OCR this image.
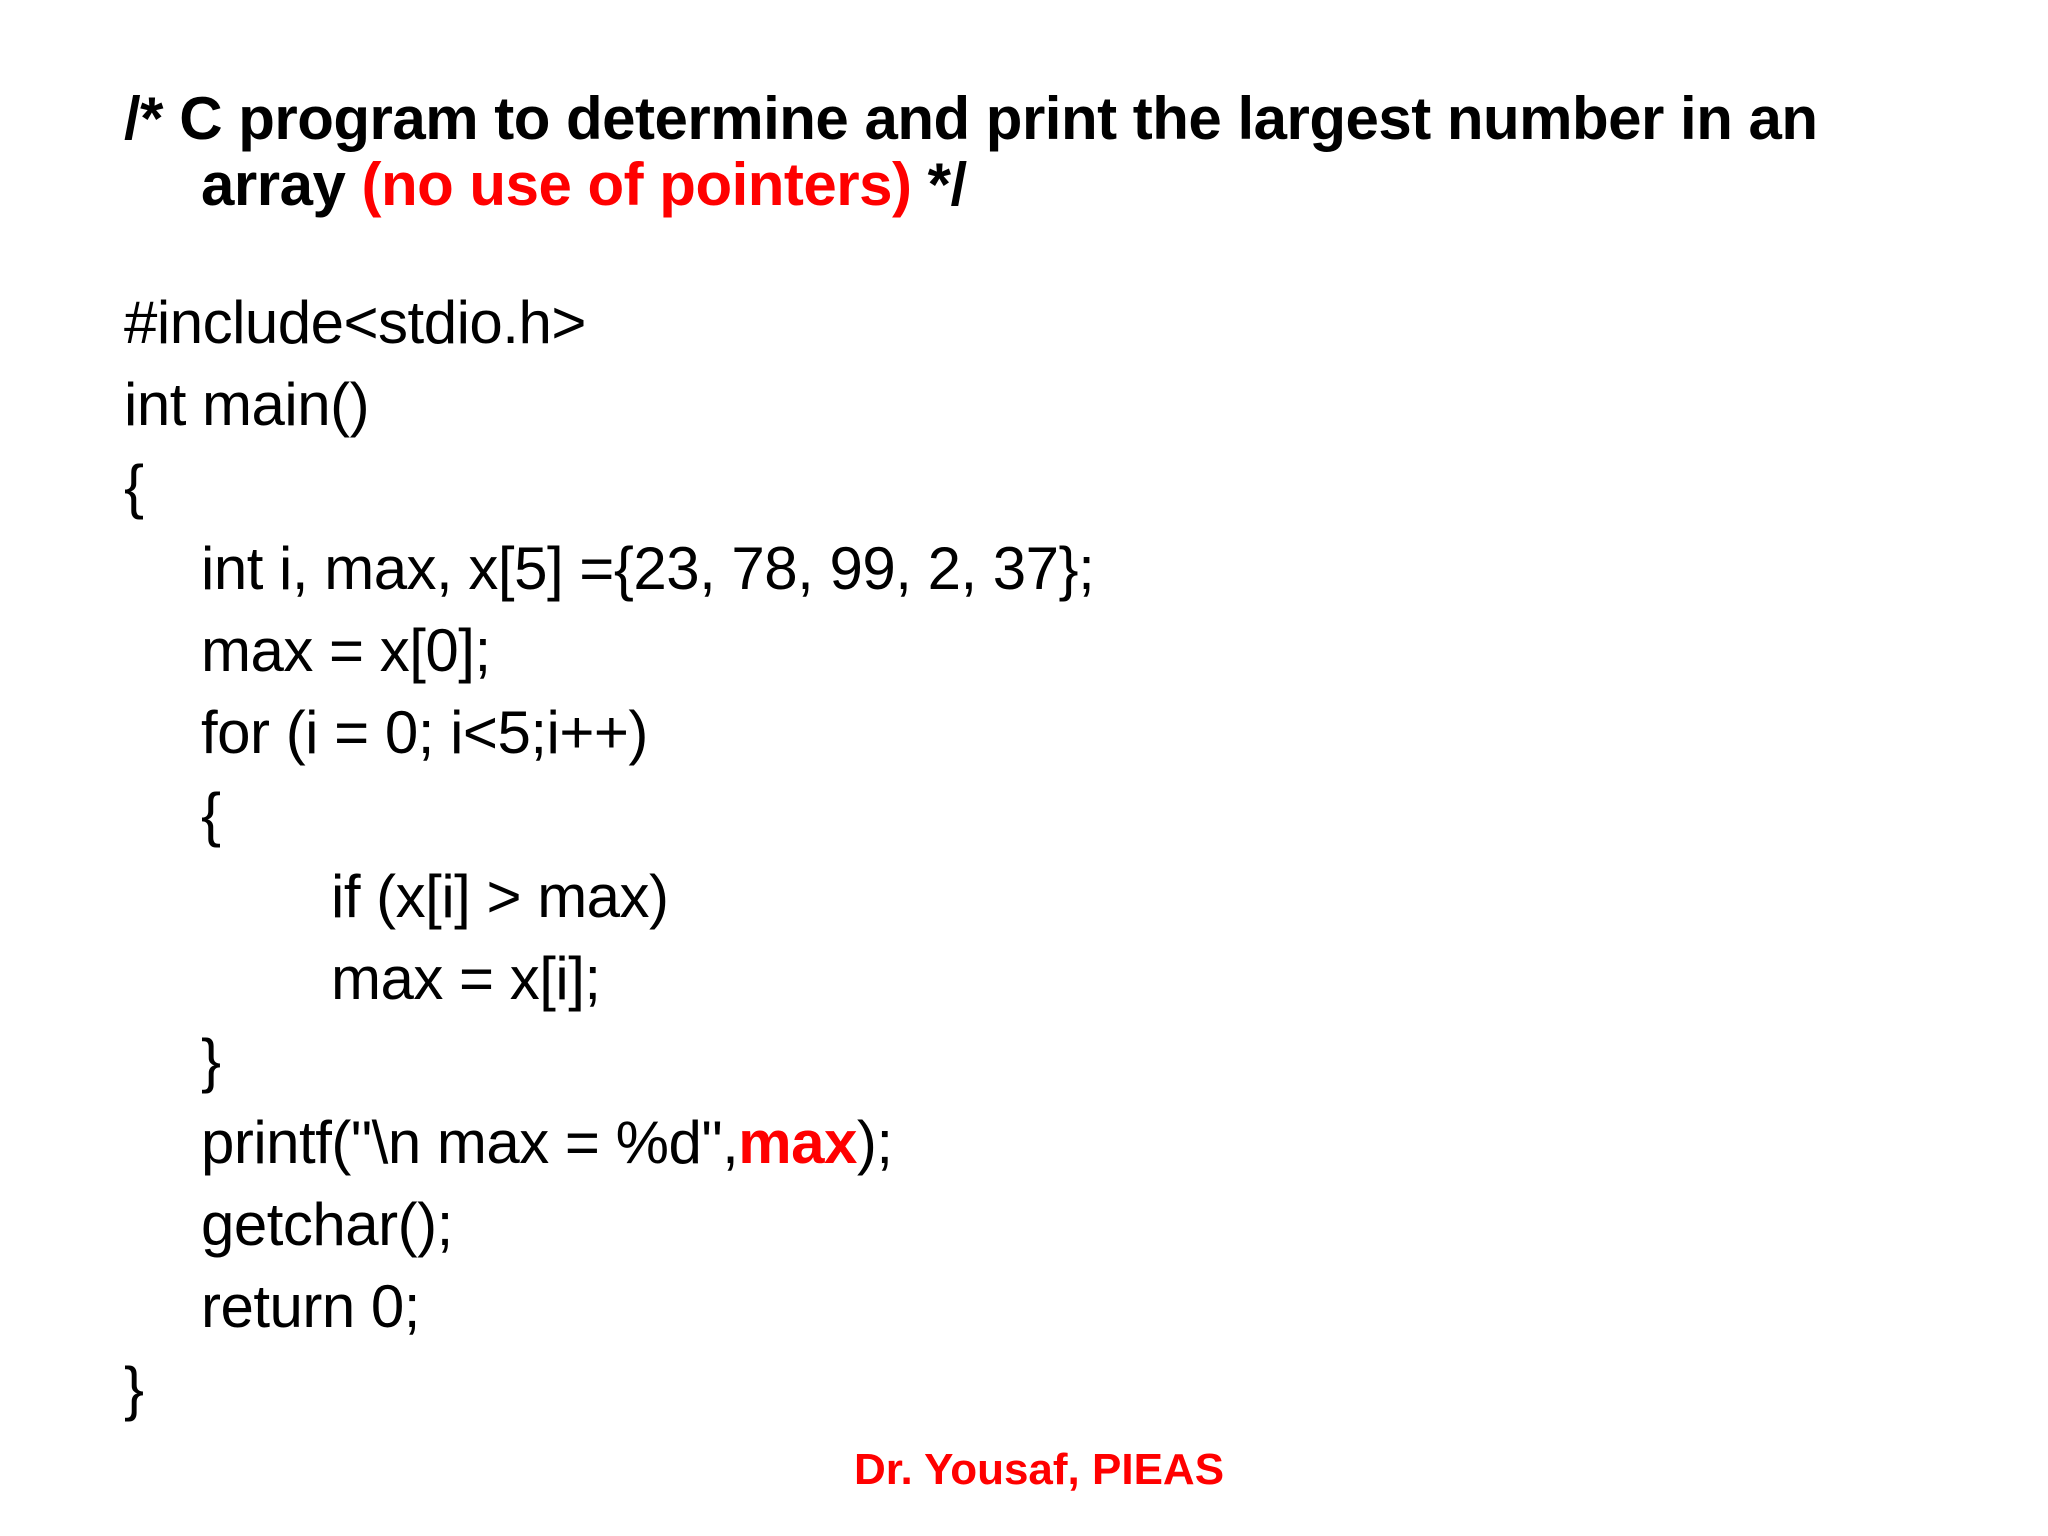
/* C program to determine and print the largest number in an
array (no use of pointers) */
#include<stdio.h>
int main()
{
int i, max, x[5] ={23, 78, 99, 2, 37};
max = x[0];
for (i = 0; i<5;i++)
{
if (x[i] > max)
max = x[i];
}
printf("\n max = %d",max);
getchar();
return 0;
}
Dr. Yousaf, PIEAS
